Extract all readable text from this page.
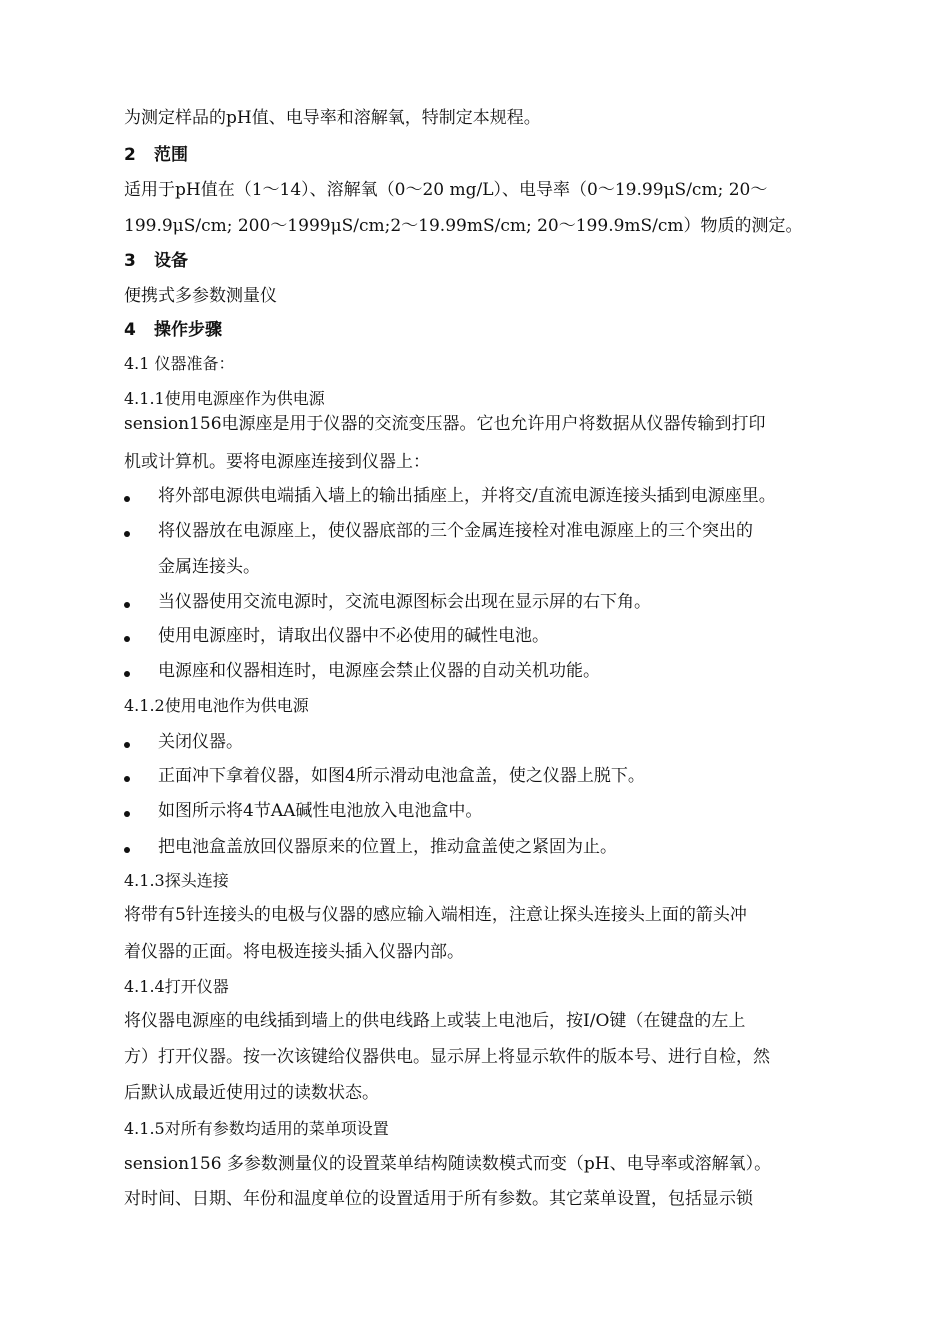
为测定样品的pH值、电导率和溶解氧，特制定本规程。
2 范围
适用于pH值在（1～14）、溶解氧（0～20 mg/L）、电导率（0～19.99μS/cm; 20～
199.9μS/cm; 200～1999μS/cm;2～19.99mS/cm; 20～199.9mS/cm）物质的测定。
3 设备
便携式多参数测量仪
4 操作步骤
4.1 仪器准备：
4.1.1使用电源座作为供电源
sension156电源座是用于仪器的交流变压器。它也允许用户将数据从仪器传输到打印
机或计算机。要将电源座连接到仪器上：
将外部电源供电端插入墙上的输出插座上，并将交/直流电源连接头插到电源座里。
将仪器放在电源座上，使仪器底部的三个金属连接栓对准电源座上的三个突出的
金属连接头。
当仪器使用交流电源时，交流电源图标会出现在显示屏的右下角。
使用电源座时，请取出仪器中不必使用的碱性电池。
电源座和仪器相连时，电源座会禁止仪器的自动关机功能。
4.1.2使用电池作为供电源
关闭仪器。
正面冲下拿着仪器，如图4所示滑动电池盒盖，使之仪器上脱下。
如图所示将4节AA碱性电池放入电池盒中。
把电池盒盖放回仪器原来的位置上，推动盒盖使之紧固为止。
4.1.3探头连接
将带有5针连接头的电极与仪器的感应输入端相连，注意让探头连接头上面的箭头冲
着仪器的正面。将电极连接头插入仪器内部。
4.1.4打开仪器
将仪器电源座的电线插到墙上的供电线路上或装上电池后，按I/O键（在键盘的左上
方）打开仪器。按一次该键给仪器供电。显示屏上将显示软件的版本号、进行自检，然
后默认成最近使用过的读数状态。
4.1.5对所有参数均适用的菜单项设置
sension156 多参数测量仪的设置菜单结构随读数模式而变（pH、电导率或溶解氧）。
对时间、日期、年份和温度单位的设置适用于所有参数。其它菜单设置，包括显示锁
